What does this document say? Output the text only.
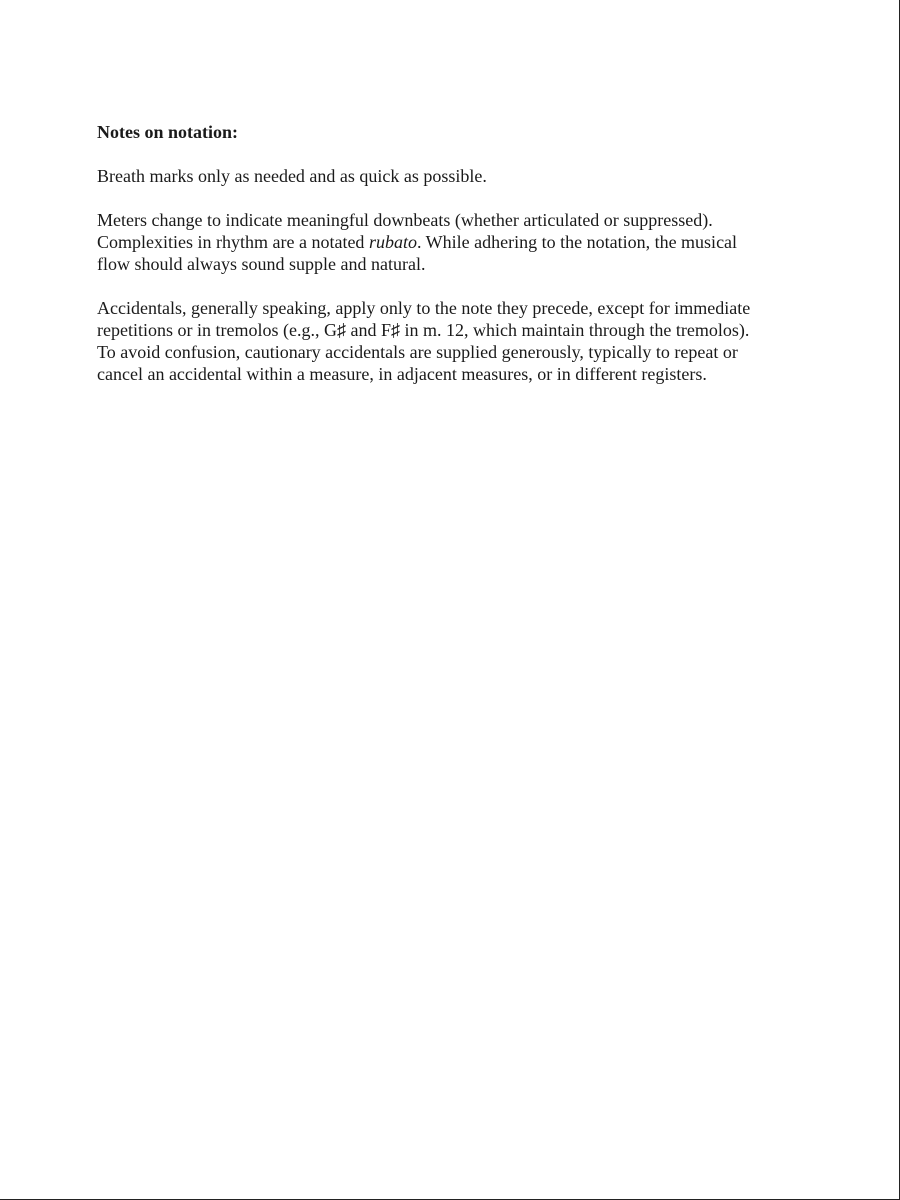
Notes on notation:
Breath marks only as needed and as quick as possible.
Meters change to indicate meaningful downbeats (whether articulated or suppressed).
Complexities in rhythm are a notated rubato. While adhering to the notation, the musical
flow should always sound supple and natural.
Accidentals, generally speaking, apply only to the note they precede, except for immediate
repetitions or in tremolos (e.g., G♯ and F♯ in m. 12, which maintain through the tremolos).
To avoid confusion, cautionary accidentals are supplied generously, typically to repeat or
cancel an accidental within a measure, in adjacent measures, or in different registers.
